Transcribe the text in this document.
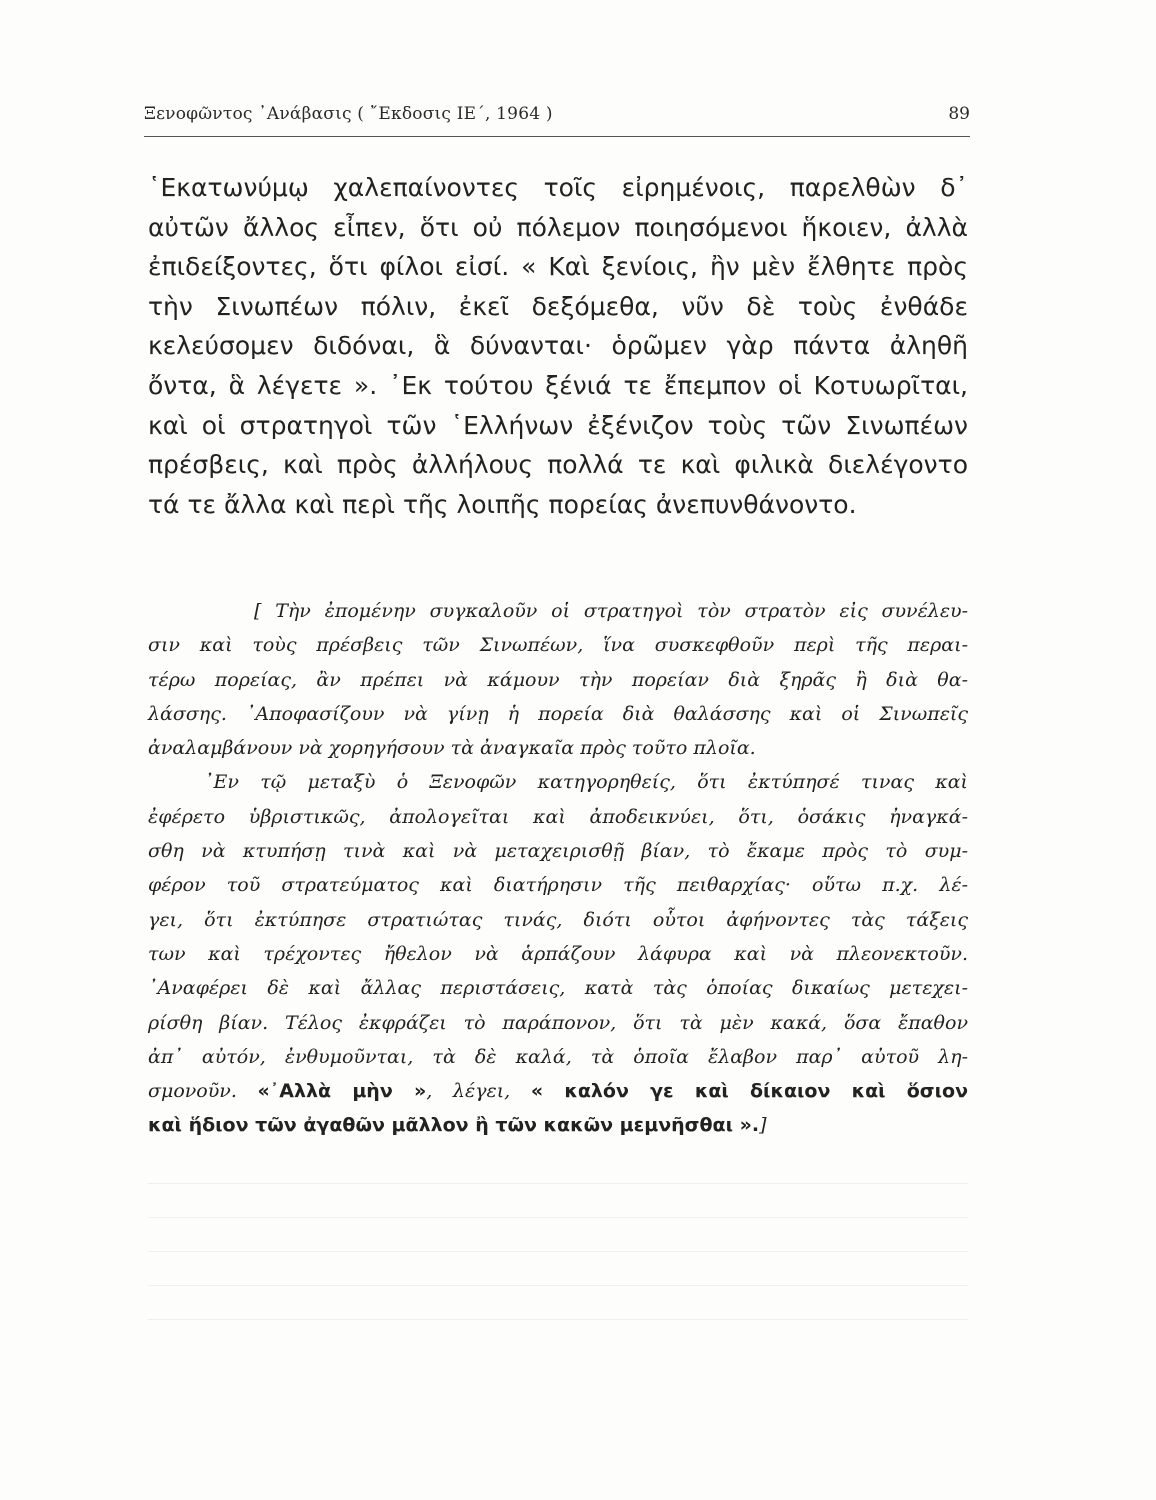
Ξενοφῶντος ᾿Ανάβασις ( ῎Εκδοσις ΙΕ΄, 1964 )	89
῾Εκατωνύμῳ χαλεπαίνοντες τοῖς εἰρημένοις, παρελθὼν δ᾿
αὐτῶν ἄλλος εἶπεν, ὅτι οὐ πόλεμον ποιησόμενοι ἥκοιεν, ἀλλὰ
ἐπιδείξοντες, ὅτι φίλοι εἰσί. « Καὶ ξενίοις, ἢν μὲν ἔλθητε πρὸς
τὴν Σινωπέων πόλιν, ἐκεῖ δεξόμεθα, νῦν δὲ τοὺς ἐνθάδε
κελεύσομεν διδόναι, ἃ δύνανται· ὁρῶμεν γὰρ πάντα ἀληθῆ
ὄντα, ἃ λέγετε ». ᾿Εκ τούτου ξένιά τε ἔπεμπον οἱ Κοτυωρῖται,
καὶ οἱ στρατηγοὶ τῶν ῾Ελλήνων ἐξένιζον τοὺς τῶν Σινωπέων
πρέσβεις, καὶ πρὸς ἀλλήλους πολλά τε καὶ φιλικὰ διελέγοντο
τά τε ἄλλα καὶ περὶ τῆς λοιπῆς πορείας ἀνεπυνθάνοντο.
[ Τὴν ἐπομένην συγκαλοῦν οἱ στρατηγοὶ τὸν στρατὸν εἰς συνέλευ-
σιν καὶ τοὺς πρέσβεις τῶν Σινωπέων, ἵνα συσκεφθοῦν περὶ τῆς περαι-
τέρω πορείας, ἂν πρέπει νὰ κάμουν τὴν πορείαν διὰ ξηρᾶς ἢ διὰ θα-
λάσσης. ᾿Αποφασίζουν νὰ γίνῃ ἡ πορεία διὰ θαλάσσης καὶ οἱ Σινωπεῖς
ἀναλαμβάνουν νὰ χορηγήσουν τὰ ἀναγκαῖα πρὸς τοῦτο πλοῖα.
᾿Εν τῷ μεταξὺ ὁ Ξενοφῶν κατηγορηθείς, ὅτι ἐκτύπησέ τινας καὶ
ἐφέρετο ὑβριστικῶς, ἀπολογεῖται καὶ ἀποδεικνύει, ὅτι, ὁσάκις ἠναγκά-
σθη νὰ κτυπήσῃ τινὰ καὶ νὰ μεταχειρισθῇ βίαν, τὸ ἔκαμε πρὸς τὸ συμ-
φέρον τοῦ στρατεύματος καὶ διατήρησιν τῆς πειθαρχίας· οὕτω π.χ. λέ-
γει, ὅτι ἐκτύπησε στρατιώτας τινάς, διότι οὗτοι ἀφήνοντες τὰς τάξεις
των καὶ τρέχοντες ἤθελον νὰ ἁρπάζουν λάφυρα καὶ νὰ πλεονεκτοῦν.
᾿Αναφέρει δὲ καὶ ἄλλας περιστάσεις, κατὰ τὰς ὁποίας δικαίως μετεχει-
ρίσθη βίαν. Τέλος ἐκφράζει τὸ παράπονον, ὅτι τὰ μὲν κακά, ὅσα ἔπαθον
ἀπ᾿ αὐτόν, ἐνθυμοῦνται, τὰ δὲ καλά, τὰ ὁποῖα ἔλαβον παρ᾿ αὐτοῦ λη-
σμονοῦν. «᾿Αλλὰ μὴν », λέγει, « καλόν γε καὶ δίκαιον καὶ ὅσιον
καὶ ἥδιον τῶν ἀγαθῶν μᾶλλον ἢ τῶν κακῶν μεμνῆσθαι ».]
